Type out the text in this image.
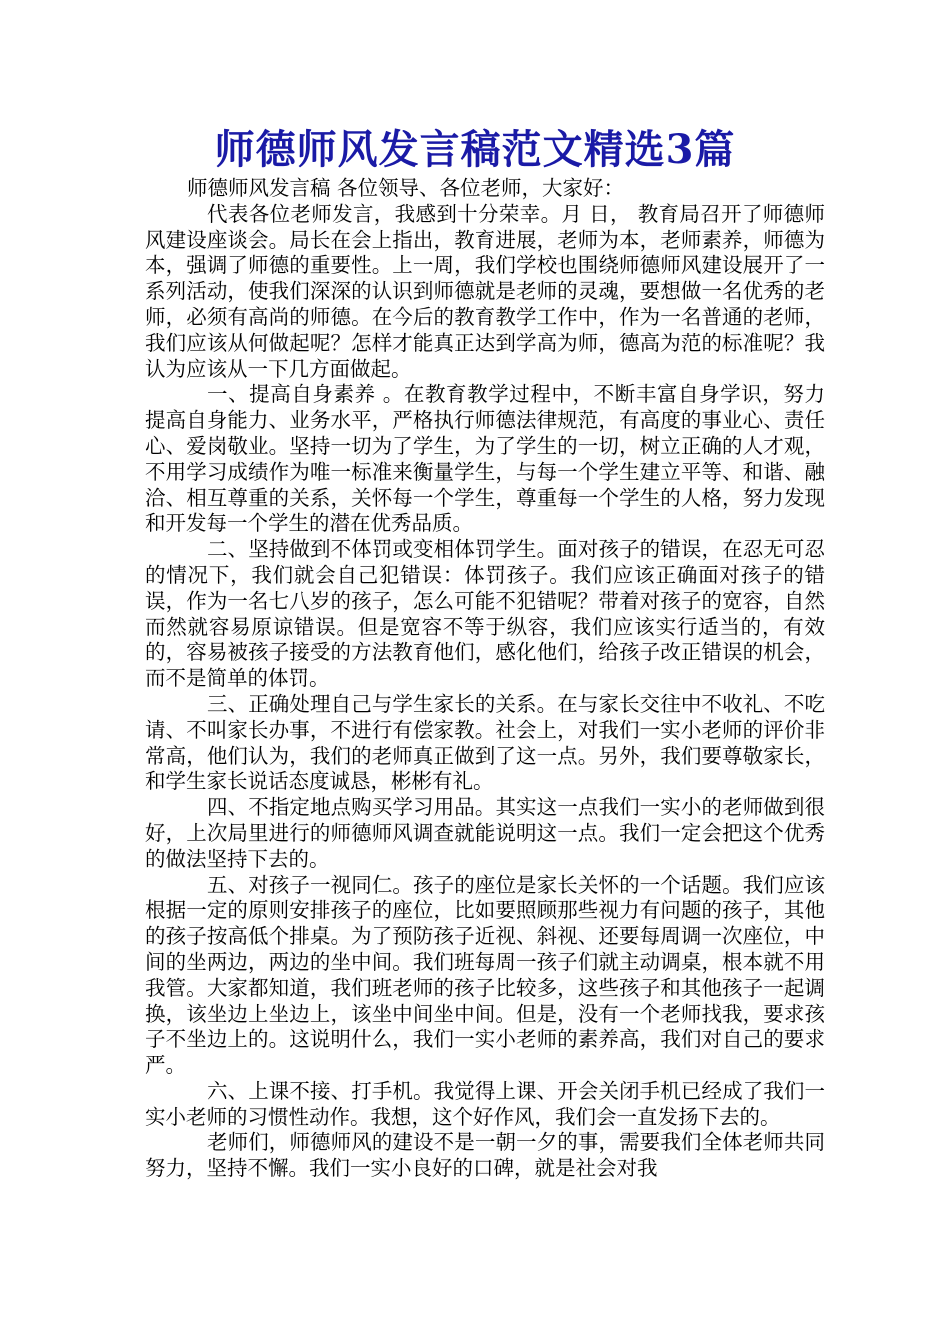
师德师风发言稿范文精选3篇

师德师风发言稿 各位领导、各位老师，大家好：

代表各位老师发言，我感到十分荣幸。月 日， 教育局召开了师德师风建设座谈会。局长在会上指出，教育进展，老师为本，老师素养，师德为本，强调了师德的重要性。上一周，我们学校也围绕师德师风建设展开了一系列活动，使我们深深的认识到师德就是老师的灵魂，要想做一名优秀的老师，必须有高尚的师德。在今后的教育教学工作中，作为一名普通的老师，我们应该从何做起呢？怎样才能真正达到学高为师，德高为范的标准呢？我认为应该从一下几方面做起。

一、提高自身素养 。在教育教学过程中，不断丰富自身学识，努力提高自身能力、业务水平，严格执行师德法律规范，有高度的事业心、责任心、爱岗敬业。坚持一切为了学生，为了学生的一切，树立正确的人才观，不用学习成绩作为唯一标准来衡量学生，与每一个学生建立平等、和谐、融洽、相互尊重的关系，关怀每一个学生，尊重每一个学生的人格，努力发现和开发每一个学生的潜在优秀品质。

二、坚持做到不体罚或变相体罚学生。面对孩子的错误，在忍无可忍的情况下，我们就会自己犯错误：体罚孩子。我们应该正确面对孩子的错误，作为一名七八岁的孩子，怎么可能不犯错呢？带着对孩子的宽容，自然而然就容易原谅错误。但是宽容不等于纵容，我们应该实行适当的，有效的，容易被孩子接受的方法教育他们，感化他们，给孩子改正错误的机会，而不是简单的体罚。

三、正确处理自己与学生家长的关系。在与家长交往中不收礼、不吃请、不叫家长办事，不进行有偿家教。社会上，对我们一实小老师的评价非常高，他们认为，我们的老师真正做到了这一点。另外，我们要尊敬家长，和学生家长说话态度诚恳，彬彬有礼。

四、不指定地点购买学习用品。其实这一点我们一实小的老师做到很好，上次局里进行的师德师风调查就能说明这一点。我们一定会把这个优秀的做法坚持下去的。

五、对孩子一视同仁。孩子的座位是家长关怀的一个话题。我们应该根据一定的原则安排孩子的座位，比如要照顾那些视力有问题的孩子，其他的孩子按高低个排桌。为了预防孩子近视、斜视、还要每周调一次座位，中间的坐两边，两边的坐中间。我们班每周一孩子们就主动调桌，根本就不用我管。大家都知道，我们班老师的孩子比较多，这些孩子和其他孩子一起调换，该坐边上坐边上，该坐中间坐中间。但是，没有一个老师找我，要求孩子不坐边上的。这说明什么，我们一实小老师的素养高，我们对自己的要求严。

六、上课不接、打手机。我觉得上课、开会关闭手机已经成了我们一实小老师的习惯性动作。我想，这个好作风，我们会一直发扬下去的。

老师们，师德师风的建设不是一朝一夕的事，需要我们全体老师共同努力，坚持不懈。我们一实小良好的口碑，就是社会对我
